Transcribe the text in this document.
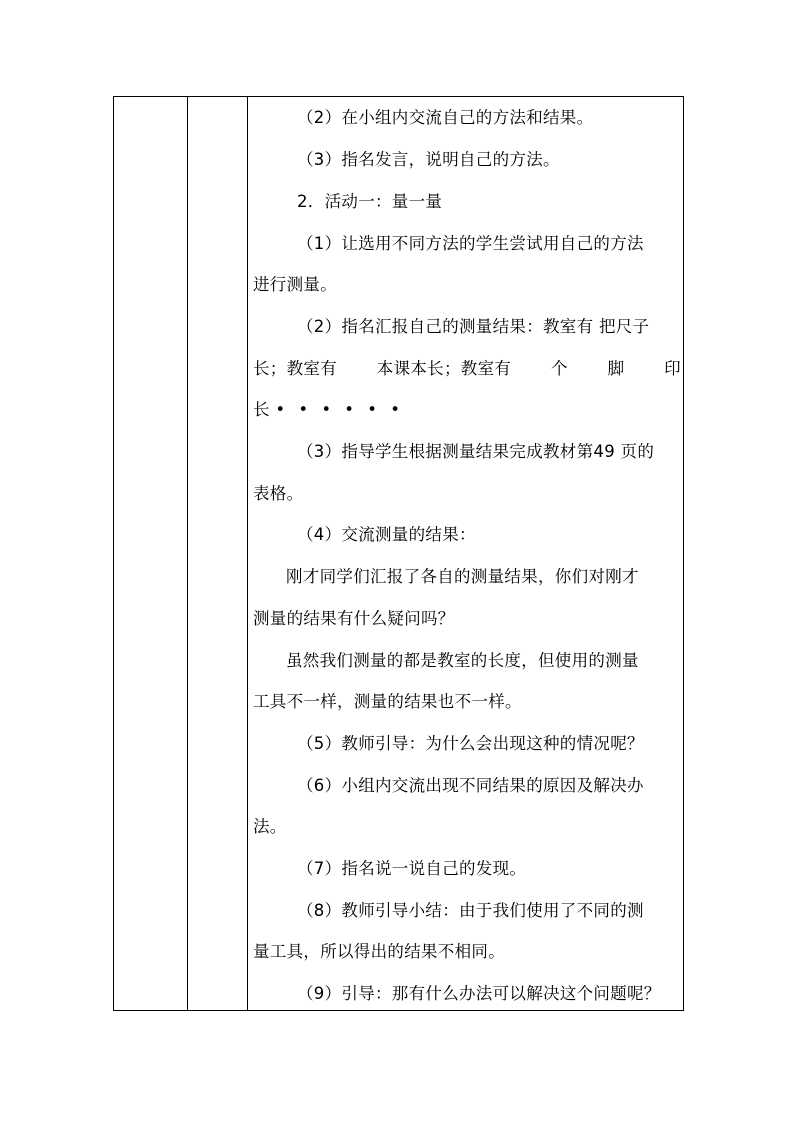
（2）在小组内交流自己的方法和结果。
（3）指名发言，说明自己的方法。
2．活动一：量一量
（1）让选用不同方法的学生尝试用自己的方法
进行测量。
（2）指名汇报自己的测量结果：教室有 把尺子
长；教室有 本课本长；教室有 个 脚 印
长 • • • • • •
（3）指导学生根据测量结果完成教材第49 页的
表格。
（4）交流测量的结果：
刚才同学们汇报了各自的测量结果，你们对刚才
测量的结果有什么疑问吗？
虽然我们测量的都是教室的长度，但使用的测量
工具不一样，测量的结果也不一样。
（5）教师引导：为什么会出现这种的情况呢？
（6）小组内交流出现不同结果的原因及解决办
法。
（7）指名说一说自己的发现。
（8）教师引导小结：由于我们使用了不同的测
量工具，所以得出的结果不相同。
（9）引导：那有什么办法可以解决这个问题呢？
